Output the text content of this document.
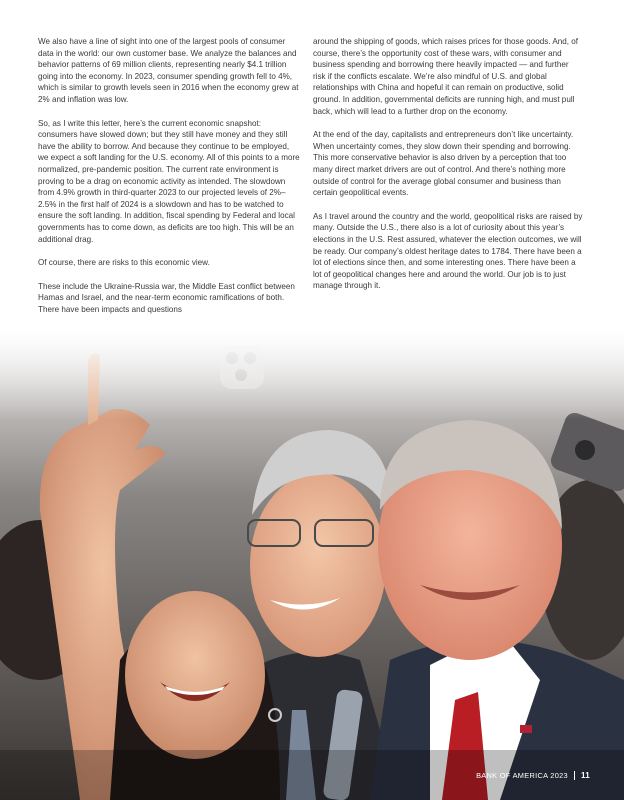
We also have a line of sight into one of the largest pools of consumer data in the world: our own customer base. We analyze the balances and behavior patterns of 69 million clients, representing nearly $4.1 trillion going into the economy. In 2023, consumer spending growth fell to 4%, which is similar to growth levels seen in 2016 when the economy grew at 2% and inflation was low.

So, as I write this letter, here’s the current economic snapshot: consumers have slowed down; but they still have money and they still have the ability to borrow. And because they continue to be employed, we expect a soft landing for the U.S. economy. All of this points to a more normalized, pre-pandemic position. The current rate environment is proving to be a drag on economic activity as intended. The slowdown from 4.9% growth in third-quarter 2023 to our projected levels of 2%–2.5% in the first half of 2024 is a slowdown and has to be watched to ensure the soft landing. In addition, fiscal spending by Federal and local governments has to come down, as deficits are too high. This will be an additional drag.

Of course, there are risks to this economic view.

These include the Ukraine-Russia war, the Middle East conflict between Hamas and Israel, and the near-term economic ramifications of both. There have been impacts and questions

around the shipping of goods, which raises prices for those goods. And, of course, there’s the opportunity cost of these wars, with consumer and business spending and borrowing there heavily impacted — and further risk if the conflicts escalate. We’re also mindful of U.S. and global relationships with China and hopeful it can remain on productive, solid ground. In addition, governmental deficits are running high, and must pull back, which will lead to a further drop on the economy.

At the end of the day, capitalists and entrepreneurs don’t like uncertainty. When uncertainty comes, they slow down their spending and borrowing. This more conservative behavior is also driven by a perception that too many direct market drivers are out of control. And there’s nothing more outside of control for the average global consumer and business than certain geopolitical events.

As I travel around the country and the world, geopolitical risks are raised by many. Outside the U.S., there also is a lot of curiosity about this year’s elections in the U.S. Rest assured, whatever the election outcomes, we will be ready. Our company’s oldest heritage dates to 1784. There have been a lot of elections since then, and some interesting ones. There have been a lot of geopolitical changes here and around the world. Our job is to just manage through it.

BANK OF AMERICA 2023 11
